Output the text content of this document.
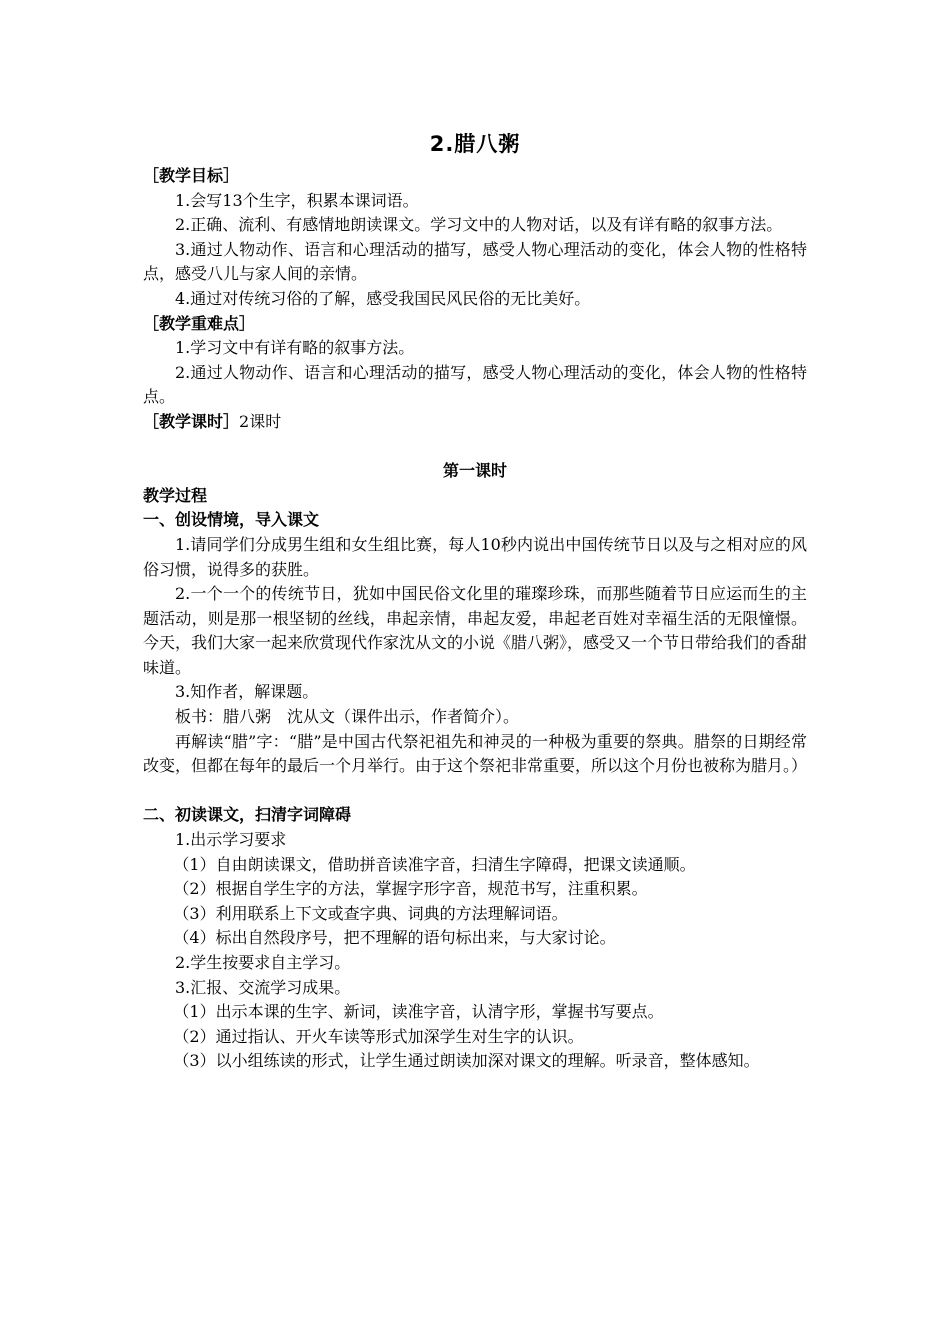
2.腊八粥

［教学目标］

1.会写13个生字，积累本课词语。

2.正确、流利、有感情地朗读课文。学习文中的人物对话，以及有详有略的叙事方法。

3.通过人物动作、语言和心理活动的描写，感受人物心理活动的变化，体会人物的性格特点，感受八儿与家人间的亲情。

4.通过对传统习俗的了解，感受我国民风民俗的无比美好。

［教学重难点］

1.学习文中有详有略的叙事方法。

2.通过人物动作、语言和心理活动的描写，感受人物心理活动的变化，体会人物的性格特点。

［教学课时］2课时

第一课时

教学过程

一、创设情境，导入课文

1.请同学们分成男生组和女生组比赛，每人10秒内说出中国传统节日以及与之相对应的风俗习惯，说得多的获胜。

2.一个一个的传统节日，犹如中国民俗文化里的璀璨珍珠，而那些随着节日应运而生的主题活动，则是那一根坚韧的丝线，串起亲情，串起友爱，串起老百姓对幸福生活的无限憧憬。今天，我们大家一起来欣赏现代作家沈从文的小说《腊八粥》，感受又一个节日带给我们的香甜味道。

3.知作者，解课题。

板书：腊八粥　沈从文（课件出示，作者简介）。

再解读“腊”字：“腊”是中国古代祭祀祖先和神灵的一种极为重要的祭典。腊祭的日期经常改变，但都在每年的最后一个月举行。由于这个祭祀非常重要，所以这个月份也被称为腊月。）

二、初读课文，扫清字词障碍

1.出示学习要求

（1）自由朗读课文，借助拼音读准字音，扫清生字障碍，把课文读通顺。

（2）根据自学生字的方法，掌握字形字音，规范书写，注重积累。

（3）利用联系上下文或查字典、词典的方法理解词语。

（4）标出自然段序号，把不理解的语句标出来，与大家讨论。

2.学生按要求自主学习。

3.汇报、交流学习成果。

（1）出示本课的生字、新词，读准字音，认清字形，掌握书写要点。

（2）通过指认、开火车读等形式加深学生对生字的认识。

（3）以小组练读的形式，让学生通过朗读加深对课文的理解。听录音，整体感知。
